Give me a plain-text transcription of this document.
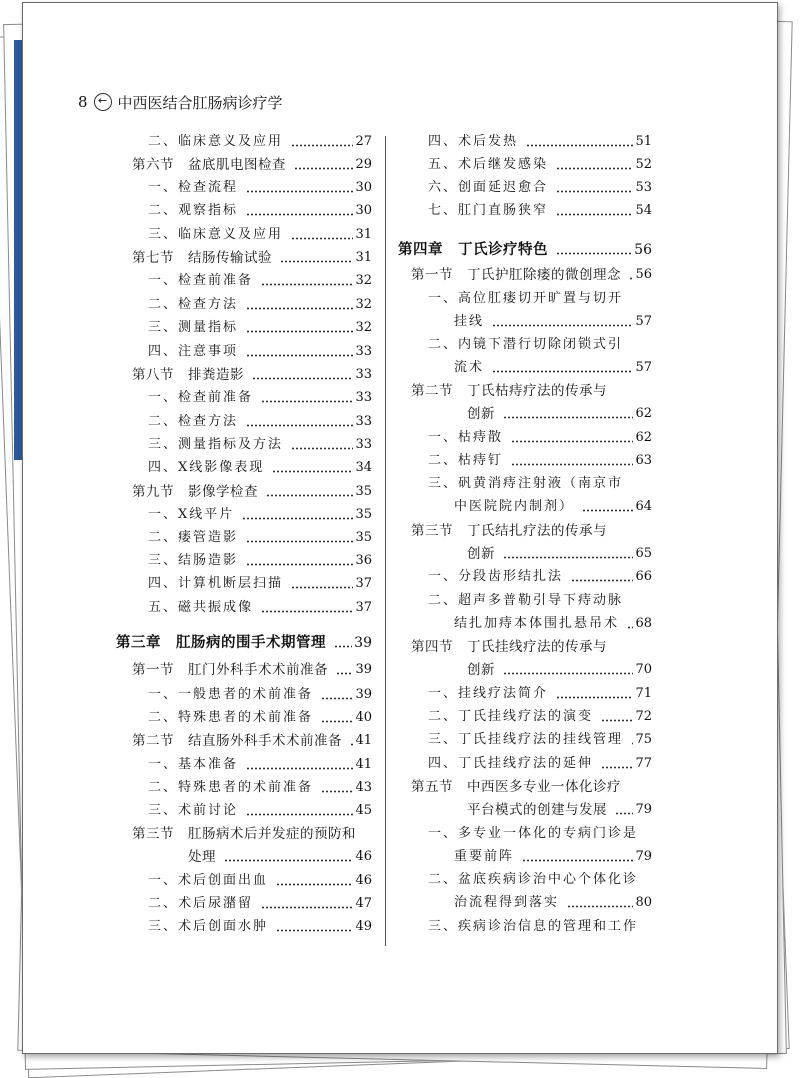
8 ← 中西医结合肛肠病诊疗学
二、临床意义及应用	27
第六节　盆底肌电图检查	29
一、检查流程	30
二、观察指标	30
三、临床意义及应用	31
第七节　结肠传输试验	31
一、检查前准备	32
二、检查方法	32
三、测量指标	32
四、注意事项	33
第八节　排粪造影	33
一、检查前准备	33
二、检查方法	33
三、测量指标及方法	33
四、X线影像表现	34
第九节　影像学检查	35
一、X线平片	35
二、瘘管造影	35
三、结肠造影	36
四、计算机断层扫描	37
五、磁共振成像	37
第三章　肛肠病的围手术期管理 39
第一节　肛门外科手术术前准备 39
一、一般患者的术前准备	39
二、特殊患者的术前准备	40
第二节　结直肠外科手术术前准备 41
一、基本准备	41
二、特殊患者的术前准备	43
三、术前讨论	45
第三节　肛肠病术后并发症的预防和
处理	46
一、术后创面出血	46
二、术后尿潴留	47
三、术后创面水肿	49
四、术后发热	51
五、术后继发感染	52
六、创面延迟愈合	53
七、肛门直肠狭窄	54
第四章　丁氏诊疗特色	56
第一节　丁氏护肛除瘘的微创理念 56
一、高位肛瘘切开旷置与切开
挂线	57
二、内镜下潜行切除闭锁式引
流术	57
第二节　丁氏枯痔疗法的传承与
创新	62
一、枯痔散	62
二、枯痔钉	63
三、矾黄消痔注射液（南京市
中医院院内制剂）	64
第三节　丁氏结扎疗法的传承与
创新	65
一、分段齿形结扎法	66
二、超声多普勒引导下痔动脉
结扎加痔本体围扎悬吊术 68
第四节　丁氏挂线疗法的传承与
创新	70
一、挂线疗法简介	71
二、丁氏挂线疗法的演变	72
三、丁氏挂线疗法的挂线管理 75
四、丁氏挂线疗法的延伸	77
第五节　中西医多专业一体化诊疗
平台模式的创建与发展 79
一、多专业一体化的专病门诊是
重要前阵	79
二、盆底疾病诊治中心个体化诊
治流程得到落实	80
三、疾病诊治信息的管理和工作
